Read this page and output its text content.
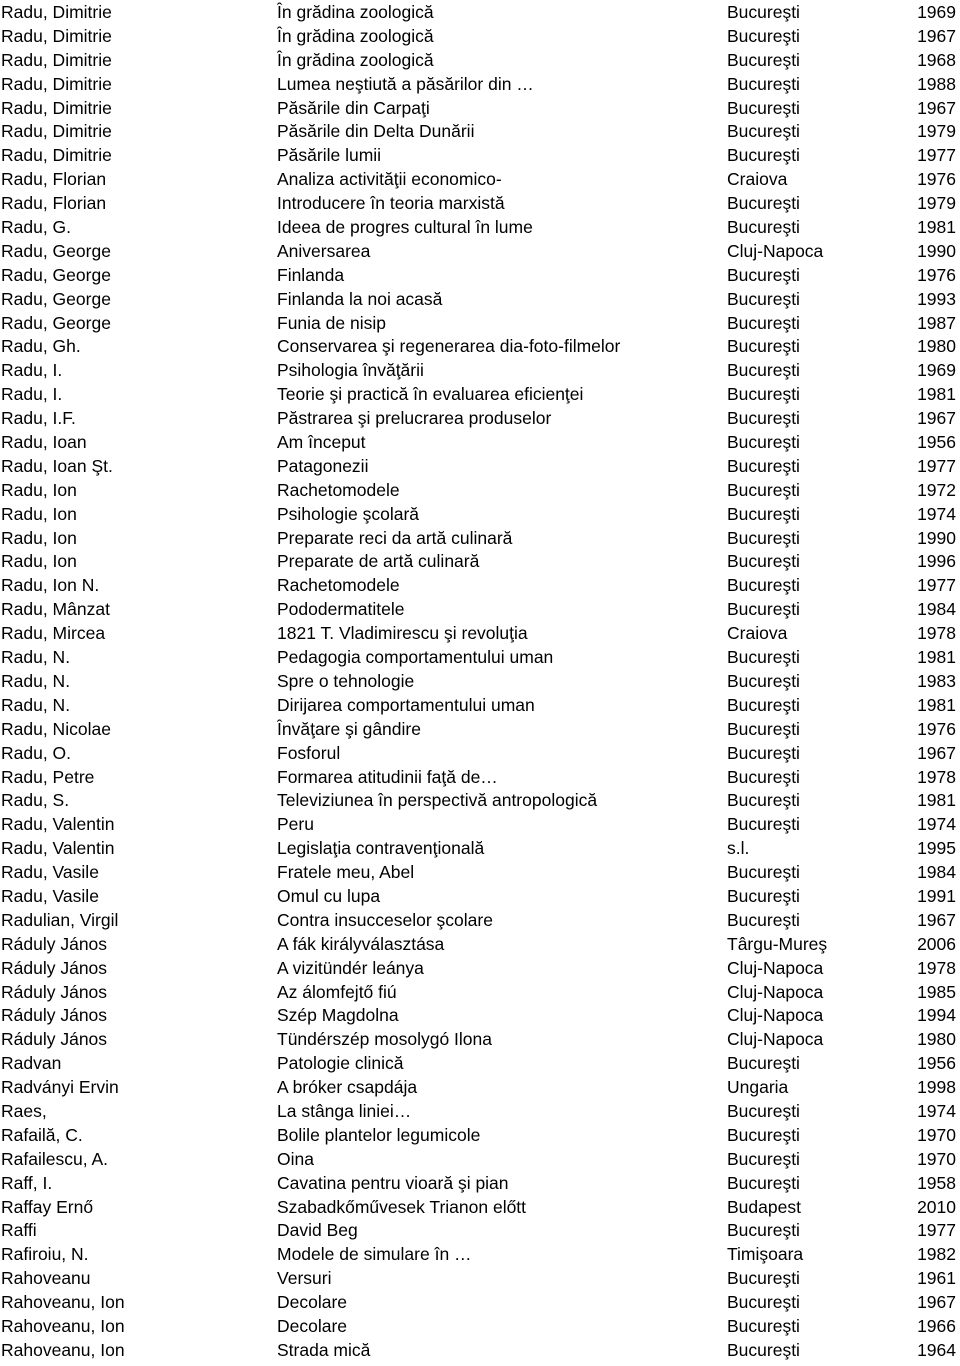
Radu, Dimitrie	În grădina zoologică	Bucureşti	1969
Radu, Dimitrie	În grădina zoologică	Bucureşti	1967
Radu, Dimitrie	În grădina zoologică	Bucureşti	1968
Radu, Dimitrie	Lumea neştiută a păsărilor din …	Bucureşti	1988
Radu, Dimitrie	Păsările din Carpaţi	Bucureşti	1967
Radu, Dimitrie	Păsările din Delta Dunării	Bucureşti	1979
Radu, Dimitrie	Păsările lumii	Bucureşti	1977
Radu, Florian	Analiza activităţii economico-	Craiova	1976
Radu, Florian	Introducere în teoria marxistă	Bucureşti	1979
Radu, G.	Ideea de progres cultural în lume	Bucureşti	1981
Radu, George	Aniversarea	Cluj-Napoca	1990
Radu, George	Finlanda	Bucureşti	1976
Radu, George	Finlanda la noi acasă	Bucureşti	1993
Radu, George	Funia de nisip	Bucureşti	1987
Radu, Gh.	Conservarea şi regenerarea dia-foto-filmelor	Bucureşti	1980
Radu, I.	Psihologia învăţării	Bucureşti	1969
Radu, I.	Teorie şi practică în evaluarea eficienţei	Bucureşti	1981
Radu, I.F.	Păstrarea şi prelucrarea produselor	Bucureşti	1967
Radu, Ioan	Am început	Bucureşti	1956
Radu, Ioan Şt.	Patagonezii	Bucureşti	1977
Radu, Ion	Rachetomodele	Bucureşti	1972
Radu, Ion	Psihologie şcolară	Bucureşti	1974
Radu, Ion	Preparate reci da artă culinară	Bucureşti	1990
Radu, Ion	Preparate de artă culinară	Bucureşti	1996
Radu, Ion N.	Rachetomodele	Bucureşti	1977
Radu, Mânzat	Pododermatitele	Bucureşti	1984
Radu, Mircea	1821 T. Vladimirescu şi revoluţia	Craiova	1978
Radu, N.	Pedagogia comportamentului uman	Bucureşti	1981
Radu, N.	Spre o tehnologie	Bucureşti	1983
Radu, N.	Dirijarea comportamentului uman	Bucureşti	1981
Radu, Nicolae	Învăţare şi gândire	Bucureşti	1976
Radu, O.	Fosforul	Bucureşti	1967
Radu, Petre	Formarea atitudinii faţă de…	Bucureşti	1978
Radu, S.	Televiziunea în perspectivă antropologică	Bucureşti	1981
Radu, Valentin	Peru	Bucureşti	1974
Radu, Valentin	Legislaţia contravenţională	s.l.	1995
Radu, Vasile	Fratele meu, Abel	Bucureşti	1984
Radu, Vasile	Omul cu lupa	Bucureşti	1991
Radulian, Virgil	Contra insucceselor şcolare	Bucureşti	1967
Ráduly János	A fák királyválasztása	Târgu-Mureş	2006
Ráduly János	A vizitündér leánya	Cluj-Napoca	1978
Ráduly János	Az álomfejtő fiú	Cluj-Napoca	1985
Ráduly János	Szép Magdolna	Cluj-Napoca	1994
Ráduly János	Tündérszép mosolygó Ilona	Cluj-Napoca	1980
Radvan	Patologie clinică	Bucureşti	1956
Radványi Ervin	A bróker csapdája	Ungaria	1998
Raes,	La stânga liniei…	Bucureşti	1974
Rafailă, C.	Bolile plantelor legumicole	Bucureşti	1970
Rafailescu, A.	Oina	Bucureşti	1970
Raff, I.	Cavatina pentru vioară şi pian	Bucureşti	1958
Raffay Ernő	Szabadkőművesek Trianon előtt	Budapest	2010
Raffi	David Beg	Bucureşti	1977
Rafiroiu, N.	Modele de simulare în …	Timişoara	1982
Rahoveanu	Versuri	Bucureşti	1961
Rahoveanu, Ion	Decolare	Bucureşti	1967
Rahoveanu, Ion	Decolare	Bucureşti	1966
Rahoveanu, Ion	Strada mică	Bucureşti	1964
